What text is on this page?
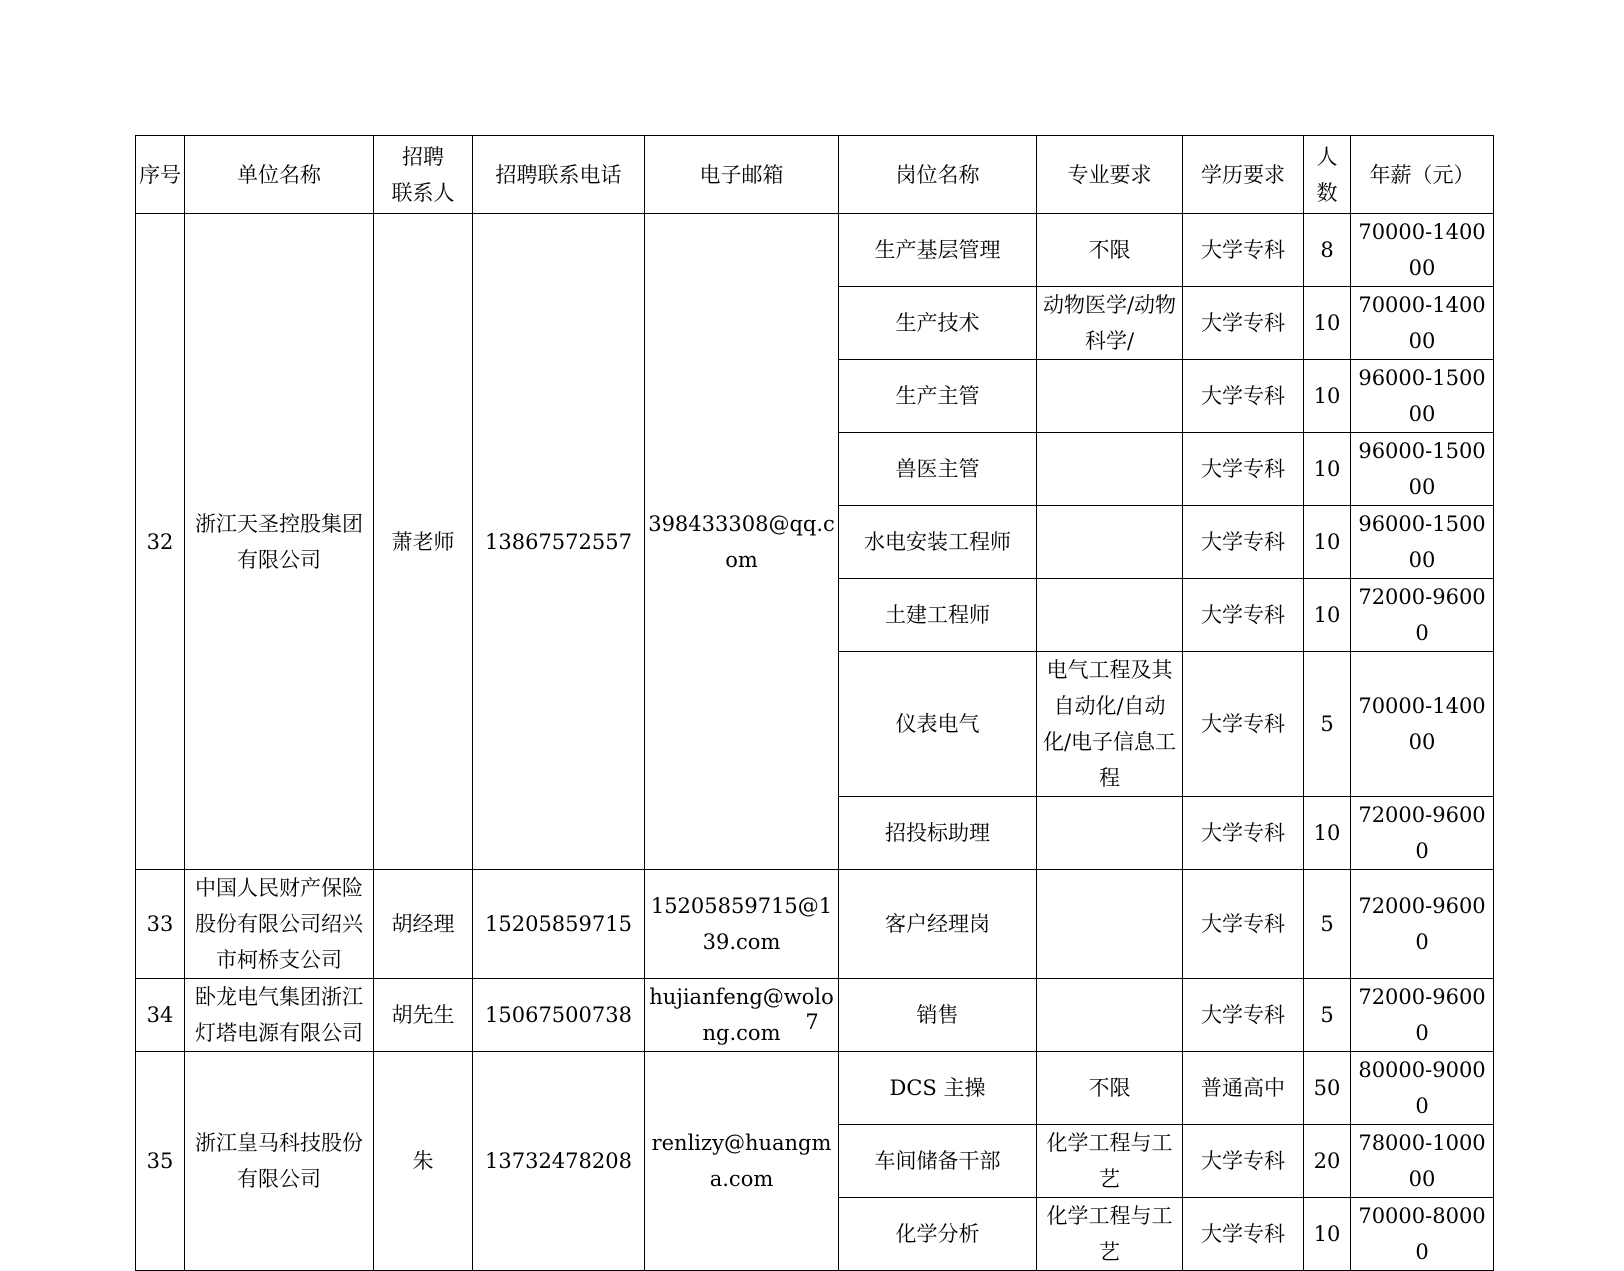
序号	单位名称	招聘
联系人	招聘联系电话	电子邮箱	岗位名称	专业要求	学历要求	人数	年薪（元）

32	浙江天圣控股集团有限公司	萧老师	13867572557	398433308@qq.com	生产基层管理	不限	大学专科	8	70000-140000

					生产技术	动物医学/动物科学/	大学专科	10	70000-140000

					生产主管		大学专科	10	96000-150000

					兽医主管		大学专科	10	96000-150000

					水电安装工程师		大学专科	10	96000-150000

					土建工程师		大学专科	10	72000-96000

					仪表电气	电气工程及其自动化/自动化/电子信息工程	大学专科	5	70000-140000

					招投标助理		大学专科	10	72000-96000

33	中国人民财产保险股份有限公司绍兴市柯桥支公司	胡经理	15205859715	15205859715@139.com	客户经理岗		大学专科	5	72000-96000

34	卧龙电气集团浙江灯塔电源有限公司	胡先生	15067500738	hujianfeng@wolong.com	销售		大学专科	5	72000-96000

35	浙江皇马科技股份有限公司	朱	13732478208	renlizy@huangma.com	DCS 主操	不限	普通高中	50	80000-90000

					车间储备干部	化学工程与工艺	大学专科	20	78000-100000

					化学分析	化学工程与工艺	大学专科	10	70000-80000
7
